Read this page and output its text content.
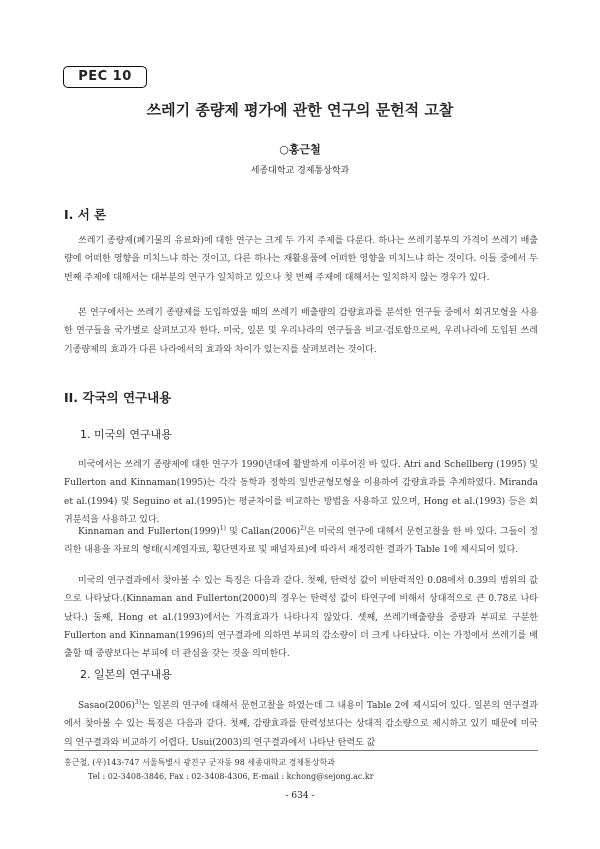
PEC 10
쓰레기 종량제 평가에 관한 연구의 문헌적 고찰
○홍근철
세종대학교 경제통상학과
I. 서 론

쓰레기 종량제(폐기물의 유료화)에 대한 연구는 크게 두 가지 주제를 다룬다. 하나는 쓰레기봉투의 가격이 쓰레기 배출량에 어떠한 영향을 미치느냐 하는 것이고, 다른 하나는 재활용품에 어떠한 영향을 미치느냐 하는 것이다. 이들 중에서 두 번째 주제에 대해서는 대부분의 연구가 일치하고 있으나 첫 번째 주제에 대해서는 일치하지 않는 경우가 있다.

본 연구에서는 쓰레기 종량제를 도입하였을 때의 쓰레기 배출량의 감량효과를 분석한 연구들 중에서 회귀모형을 사용한 연구들을 국가별로 살펴보고자 한다. 미국, 일본 및 우리나라의 연구들을 비교·검토함으로써, 우리나라에 도입된 쓰레기종량제의 효과가 다른 나라에서의 효과와 차이가 있는지를 살펴보려는 것이다.

II. 각국의 연구내용
1. 미국의 연구내용

미국에서는 쓰레기 종량제에 대한 연구가 1990년대에 활발하게 이루어진 바 있다. Atri and Schellberg (1995) 및 Fullerton and Kinnaman(1995)는 각각 동학과 정학의 일반균형모형을 이용하여 감량효과를 추계하였다. Miranda et al.(1994) 및 Seguino et al.(1995)는 평균차이를 비교하는 방법을 사용하고 있으며, Hong et al.(1993) 등은 회귀분석을 사용하고 있다.

Kinnaman and $Fullerton(1999)^{1)}$ 및 $Callan(2006)^{2)}$은 미국의 연구에 대해서 문헌고찰을 한 바 있다. 그들이 정리한 내용을 자료의 형태(시계열자료, 횡단면자료 및 패널자료)에 따라서 재정리한 결과가 Table 1에 제시되어 있다.

미국의 연구결과에서 찾아볼 수 있는 특징은 다음과 같다. 첫째, 탄력성 값이 비탄력적인 0.08에서 0.39의 범위의 값으로 나타났다.(Kinnaman and Fullerton(2000)의 경우는 탄력성 값이 타연구에 비해서 상대적으로 큰 0.78로 나타났다.) 둘째, Hong et al.(1993)에서는 가격효과가 나타나지 않았다. 셋째, 쓰레기배출량을 중량과 부피로 구분한 Fullerton and Kinnaman(1996)의 연구결과에 의하면 부피의 감소량이 더 크게 나타났다. 이는 가정에서 쓰레기를 배출할 때 중량보다는 부피에 더 관심을 갖는 것을 의미한다.

2. 일본의 연구내용

$Sasao(2006)^{3)}$는 일본의 연구에 대해서 문헌고찰을 하였는데 그 내용이 Table 2에 제시되어 있다. 일본의 연구결과에서 찾아볼 수 있는 특징은 다음과 같다. 첫째, 감량효과를 탄력성보다는 상대적 감소량으로 제시하고 있기 때문에 미국의 연구결과와 비교하기 어렵다. Usui(2003)의 연구결과에서 나타난 탄력도 값

홍근철, (우)143-747 서울특별시 광진구 군자동 98 세종대학교 경제통상학과
Tel : 02-3408-3846, Fax : 02-3408-4306, E-mail : kchong@sejong.ac.kr
- 634 -
